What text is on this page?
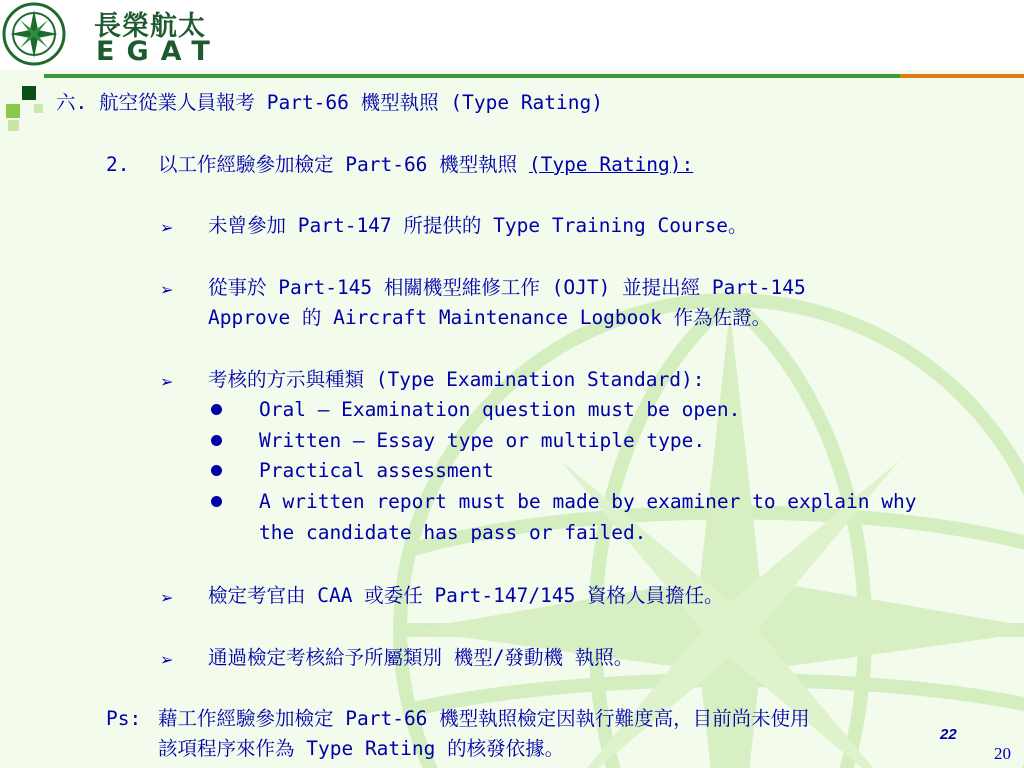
長榮航太
EGAT
六. 航空從業人員報考 Part-66 機型執照 (Type Rating)
2. 以工作經驗參加檢定 Part-66 機型執照 (Type Rating):
➢ 未曾參加 Part-147 所提供的 Type Training Course。
➢ 從事於 Part-145 相關機型維修工作 (OJT) 並提出經 Part-145
Approve 的 Aircraft Maintenance Logbook 作為佐證。
➢ 考核的方示與種類 (Type Examination Standard):
Oral – Examination question must be open.
Written – Essay type or multiple type.
Practical assessment
A written report must be made by examiner to explain why
the candidate has pass or failed.
➢ 檢定考官由 CAA 或委任 Part-147/145 資格人員擔任。
➢ 通過檢定考核給予所屬類別 機型/發動機 執照。
Ps: 藉工作經驗參加檢定 Part-66 機型執照檢定因執行難度高，目前尚未使用
該項程序來作為 Type Rating 的核發依據。
22
20
